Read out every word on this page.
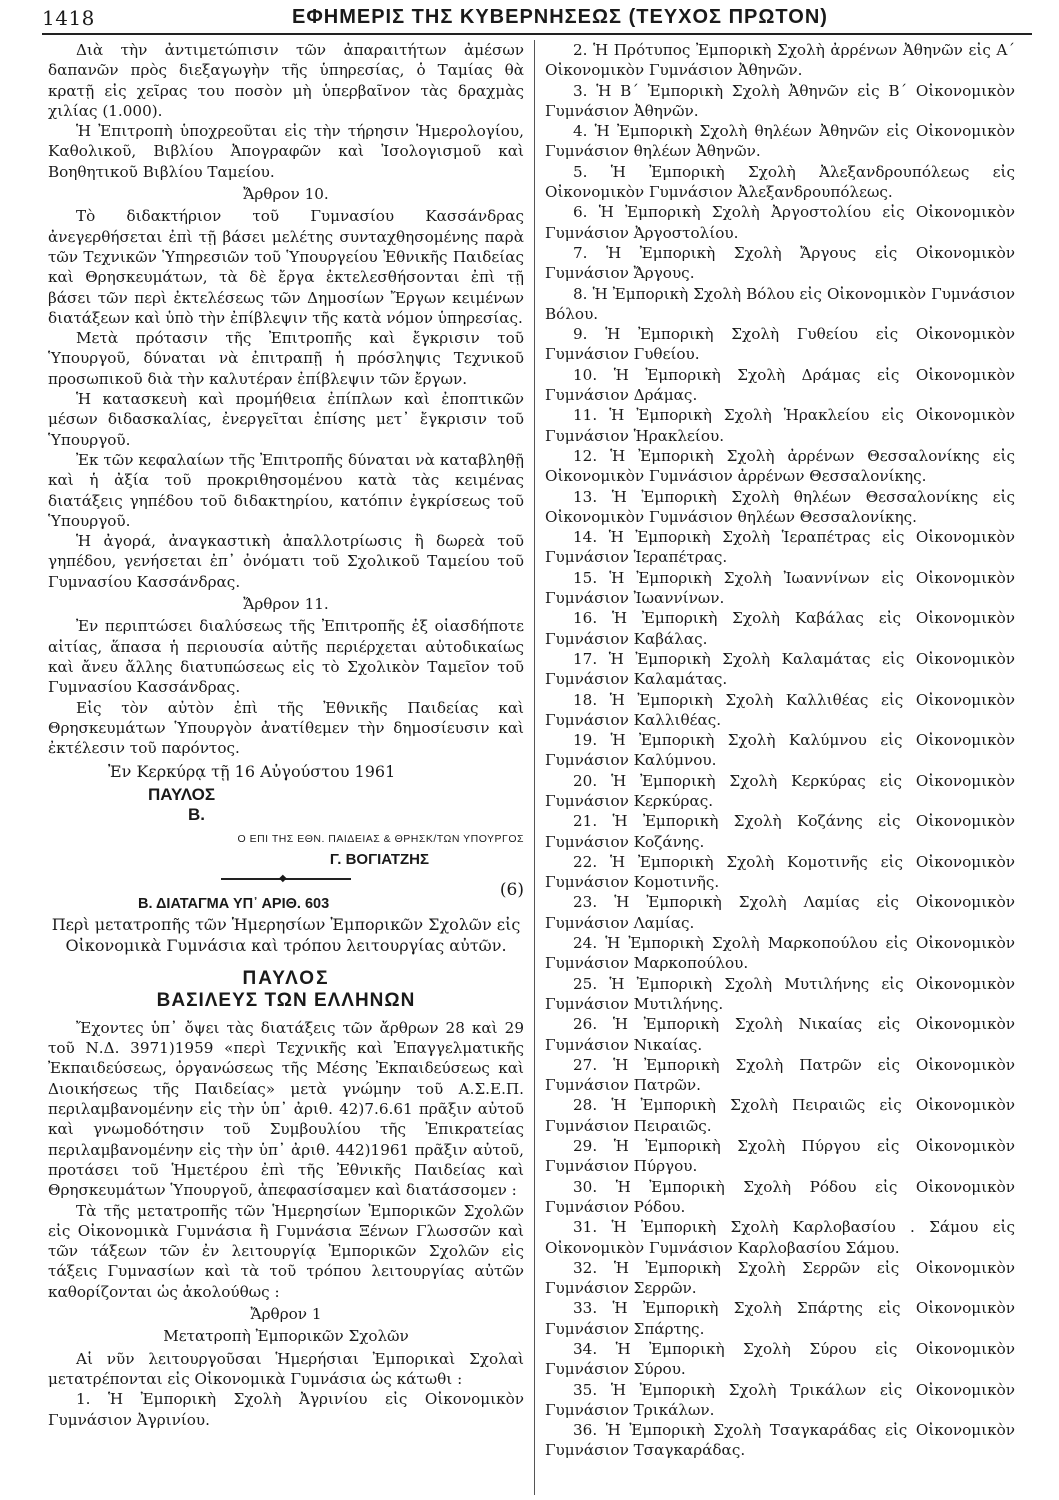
1418	ΕΦΗΜΕΡΙΣ ΤΗΣ ΚΥΒΕΡΝΗΣΕΩΣ (ΤΕΥΧΟΣ ΠΡΩΤΟΝ)

Διὰ τὴν ἀντιμετώπισιν τῶν ἀπαραιτήτων ἀμέσων δαπανῶν πρὸς διεξαγωγὴν τῆς ὑπηρεσίας, ὁ Ταμίας θὰ κρατῇ εἰς χεῖρας του ποσὸν μὴ ὑπερβαῖνον τὰς δραχμὰς χιλίας (1.000).

Ἡ Ἐπιτροπὴ ὑποχρεοῦται εἰς τὴν τήρησιν Ἡμερολογίου, Καθολικοῦ, Βιβλίου Ἀπογραφῶν καὶ Ἰσολογισμοῦ καὶ Βοηθητικοῦ Βιβλίου Ταμείου.

Ἄρθρον 10.

Τὸ διδακτήριον τοῦ Γυμνασίου Κασσάνδρας ἀνεγερθήσεται ἐπὶ τῇ βάσει μελέτης συνταχθησομένης παρὰ τῶν Τεχνικῶν Ὑπηρεσιῶν τοῦ Ὑπουργείου Ἐθνικῆς Παιδείας καὶ Θρησκευμάτων, τὰ δὲ ἔργα ἐκτελεσθήσονται ἐπὶ τῇ βάσει τῶν περὶ ἐκτελέσεως τῶν Δημοσίων Ἔργων κειμένων διατάξεων καὶ ὑπὸ τὴν ἐπίβλεψιν τῆς κατὰ νόμον ὑπηρεσίας.

Μετὰ πρότασιν τῆς Ἐπιτροπῆς καὶ ἔγκρισιν τοῦ Ὑπουργοῦ, δύναται νὰ ἐπιτραπῇ ἡ πρόσληψις Τεχνικοῦ προσωπικοῦ διὰ τὴν καλυτέραν ἐπίβλεψιν τῶν ἔργων.

Ἡ κατασκευὴ καὶ προμήθεια ἐπίπλων καὶ ἐποπτικῶν μέσων διδασκαλίας, ἐνεργεῖται ἐπίσης μετ᾽ ἔγκρισιν τοῦ Ὑπουργοῦ.

Ἐκ τῶν κεφαλαίων τῆς Ἐπιτροπῆς δύναται νὰ καταβληθῇ καὶ ἡ ἀξία τοῦ προκριθησομένου κατὰ τὰς κειμένας διατάξεις γηπέδου τοῦ διδακτηρίου, κατόπιν ἐγκρίσεως τοῦ Ὑπουργοῦ.

Ἡ ἀγορά, ἀναγκαστικὴ ἀπαλλοτρίωσις ἢ δωρεὰ τοῦ γηπέδου, γενήσεται ἐπ᾽ ὀνόματι τοῦ Σχολικοῦ Ταμείου τοῦ Γυμνασίου Κασσάνδρας.

Ἄρθρον 11.

Ἐν περιπτώσει διαλύσεως τῆς Ἐπιτροπῆς ἐξ οἱασδήποτε αἰτίας, ἅπασα ἡ περιουσία αὐτῆς περιέρχεται αὐτοδικαίως καὶ ἄνευ ἄλλης διατυπώσεως εἰς τὸ Σχολικὸν Ταμεῖον τοῦ Γυμνασίου Κασσάνδρας.

Εἰς τὸν αὐτὸν ἐπὶ τῆς Ἐθνικῆς Παιδείας καὶ Θρησκευμάτων Ὑπουργὸν ἀνατίθεμεν τὴν δημοσίευσιν καὶ ἐκτέλεσιν τοῦ παρόντος.

Ἐν Κερκύρᾳ τῇ 16 Αὐγούστου 1961
ΠΑΥΛΟΣ
Β.
Ο ΕΠΙ ΤΗΣ ΕΘΝ. ΠΑΙΔΕΙΑΣ & ΘΡΗΣΚ/ΤΩΝ ΥΠΟΥΡΓΟΣ
Γ. ΒΟΓΙΑΤΖΗΣ
◆
Β. ΔΙΑΤΑΓΜΑ ΥΠ᾽ ΑΡΙΘ. 603
(6)
Περὶ μετατροπῆς τῶν Ἡμερησίων Ἐμπορικῶν Σχολῶν εἰς Οἰκονομικὰ Γυμνάσια καὶ τρόπου λειτουργίας αὐτῶν.
ΠΑΥΛΟΣ
ΒΑΣΙΛΕΥΣ ΤΩΝ ΕΛΛΗΝΩΝ

Ἔχοντες ὑπ᾽ ὄψει τὰς διατάξεις τῶν ἄρθρων 28 καὶ 29 τοῦ Ν.Δ. 3971)1959 «περὶ Τεχνικῆς καὶ Ἐπαγγελματικῆς Ἐκπαιδεύσεως, ὀργανώσεως τῆς Μέσης Ἐκπαιδεύσεως καὶ Διοικήσεως τῆς Παιδείας» μετὰ γνώμην τοῦ Α.Σ.Ε.Π. περιλαμβανομένην εἰς τὴν ὑπ᾽ ἀριθ. 42)7.6.61 πρᾶξιν αὐτοῦ καὶ γνωμοδότησιν τοῦ Συμβουλίου τῆς Ἐπικρατείας περιλαμβανομένην εἰς τὴν ὑπ᾽ ἀριθ. 442)1961 πρᾶξιν αὐτοῦ, προτάσει τοῦ Ἡμετέρου ἐπὶ τῆς Ἐθνικῆς Παιδείας καὶ Θρησκευμάτων Ὑπουργοῦ, ἀπεφασίσαμεν καὶ διατάσσομεν :

Τὰ τῆς μετατροπῆς τῶν Ἡμερησίων Ἐμπορικῶν Σχολῶν εἰς Οἰκονομικὰ Γυμνάσια ἢ Γυμνάσια Ξένων Γλωσσῶν καὶ τῶν τάξεων τῶν ἐν λειτουργίᾳ Ἐμπορικῶν Σχολῶν εἰς τάξεις Γυμνασίων καὶ τὰ τοῦ τρόπου λειτουργίας αὐτῶν καθορίζονται ὡς ἀκολούθως :

Ἄρθρον 1
Μετατροπὴ Ἐμπορικῶν Σχολῶν

Αἱ νῦν λειτουργοῦσαι Ἡμερήσιαι Ἐμπορικαὶ Σχολαὶ μετατρέπονται εἰς Οἰκονομικὰ Γυμνάσια ὡς κάτωθι :

1. Ἡ Ἐμπορικὴ Σχολὴ Ἀγρινίου εἰς Οἰκονομικὸν Γυμνάσιον Ἀγρινίου.

2. Ἡ Πρότυπος Ἐμπορικὴ Σχολὴ ἀρρένων Ἀθηνῶν εἰς Α΄ Οἰκονομικὸν Γυμνάσιον Ἀθηνῶν.

3. Ἡ Β΄ Ἐμπορικὴ Σχολὴ Ἀθηνῶν εἰς Β΄ Οἰκονομικὸν Γυμνάσιον Ἀθηνῶν.

4. Ἡ Ἐμπορικὴ Σχολὴ θηλέων Ἀθηνῶν εἰς Οἰκονομικὸν Γυμνάσιον θηλέων Ἀθηνῶν.

5. Ἡ Ἐμπορικὴ Σχολὴ Ἀλεξανδρουπόλεως εἰς Οἰκονομικὸν Γυμνάσιον Ἀλεξανδρουπόλεως.

6. Ἡ Ἐμπορικὴ Σχολὴ Ἀργοστολίου εἰς Οἰκονομικὸν Γυμνάσιον Ἀργοστολίου.

7. Ἡ Ἐμπορικὴ Σχολὴ Ἄργους εἰς Οἰκονομικὸν Γυμνάσιον Ἄργους.

8. Ἡ Ἐμπορικὴ Σχολὴ Βόλου εἰς Οἰκονομικὸν Γυμνάσιον Βόλου.

9. Ἡ Ἐμπορικὴ Σχολὴ Γυθείου εἰς Οἰκονομικὸν Γυμνάσιον Γυθείου.

10. Ἡ Ἐμπορικὴ Σχολὴ Δράμας εἰς Οἰκονομικὸν Γυμνάσιον Δράμας.

11. Ἡ Ἐμπορικὴ Σχολὴ Ἡρακλείου εἰς Οἰκονομικὸν Γυμνάσιον Ἡρακλείου.

12. Ἡ Ἐμπορικὴ Σχολὴ ἀρρένων Θεσσαλονίκης εἰς Οἰκονομικὸν Γυμνάσιον ἀρρένων Θεσσαλονίκης.

13. Ἡ Ἐμπορικὴ Σχολὴ θηλέων Θεσσαλονίκης εἰς Οἰκονομικὸν Γυμνάσιον θηλέων Θεσσαλονίκης.

14. Ἡ Ἐμπορικὴ Σχολὴ Ἱεραπέτρας εἰς Οἰκονομικὸν Γυμνάσιον Ἱεραπέτρας.

15. Ἡ Ἐμπορικὴ Σχολὴ Ἰωαννίνων εἰς Οἰκονομικὸν Γυμνάσιον Ἰωαννίνων.

16. Ἡ Ἐμπορικὴ Σχολὴ Καβάλας εἰς Οἰκονομικὸν Γυμνάσιον Καβάλας.

17. Ἡ Ἐμπορικὴ Σχολὴ Καλαμάτας εἰς Οἰκονομικὸν Γυμνάσιον Καλαμάτας.

18. Ἡ Ἐμπορικὴ Σχολὴ Καλλιθέας εἰς Οἰκονομικὸν Γυμνάσιον Καλλιθέας.

19. Ἡ Ἐμπορικὴ Σχολὴ Καλύμνου εἰς Οἰκονομικὸν Γυμνάσιον Καλύμνου.

20. Ἡ Ἐμπορικὴ Σχολὴ Κερκύρας εἰς Οἰκονομικὸν Γυμνάσιον Κερκύρας.

21. Ἡ Ἐμπορικὴ Σχολὴ Κοζάνης εἰς Οἰκονομικὸν Γυμνάσιον Κοζάνης.

22. Ἡ Ἐμπορικὴ Σχολὴ Κομοτινῆς εἰς Οἰκονομικὸν Γυμνάσιον Κομοτινῆς.

23. Ἡ Ἐμπορικὴ Σχολὴ Λαμίας εἰς Οἰκονομικὸν Γυμνάσιον Λαμίας.

24. Ἡ Ἐμπορικὴ Σχολὴ Μαρκοπούλου εἰς Οἰκονομικὸν Γυμνάσιον Μαρκοπούλου.

25. Ἡ Ἐμπορικὴ Σχολὴ Μυτιλήνης εἰς Οἰκονομικὸν Γυμνάσιον Μυτιλήνης.

26. Ἡ Ἐμπορικὴ Σχολὴ Νικαίας εἰς Οἰκονομικὸν Γυμνάσιον Νικαίας.

27. Ἡ Ἐμπορικὴ Σχολὴ Πατρῶν εἰς Οἰκονομικὸν Γυμνάσιον Πατρῶν.

28. Ἡ Ἐμπορικὴ Σχολὴ Πειραιῶς εἰς Οἰκονομικὸν Γυμνάσιον Πειραιῶς.

29. Ἡ Ἐμπορικὴ Σχολὴ Πύργου εἰς Οἰκονομικὸν Γυμνάσιον Πύργου.

30. Ἡ Ἐμπορικὴ Σχολὴ Ρόδου εἰς Οἰκονομικὸν Γυμνάσιον Ρόδου.

31. Ἡ Ἐμπορικὴ Σχολὴ Καρλοβασίου . Σάμου εἰς Οἰκονομικὸν Γυμνάσιον Καρλοβασίου Σάμου.

32. Ἡ Ἐμπορικὴ Σχολὴ Σερρῶν εἰς Οἰκονομικὸν Γυμνάσιον Σερρῶν.

33. Ἡ Ἐμπορικὴ Σχολὴ Σπάρτης εἰς Οἰκονομικὸν Γυμνάσιον Σπάρτης.

34. Ἡ Ἐμπορικὴ Σχολὴ Σύρου εἰς Οἰκονομικὸν Γυμνάσιον Σύρου.

35. Ἡ Ἐμπορικὴ Σχολὴ Τρικάλων εἰς Οἰκονομικὸν Γυμνάσιον Τρικάλων.

36. Ἡ Ἐμπορικὴ Σχολὴ Τσαγκαράδας εἰς Οἰκονομικὸν Γυμνάσιον Τσαγκαράδας.
